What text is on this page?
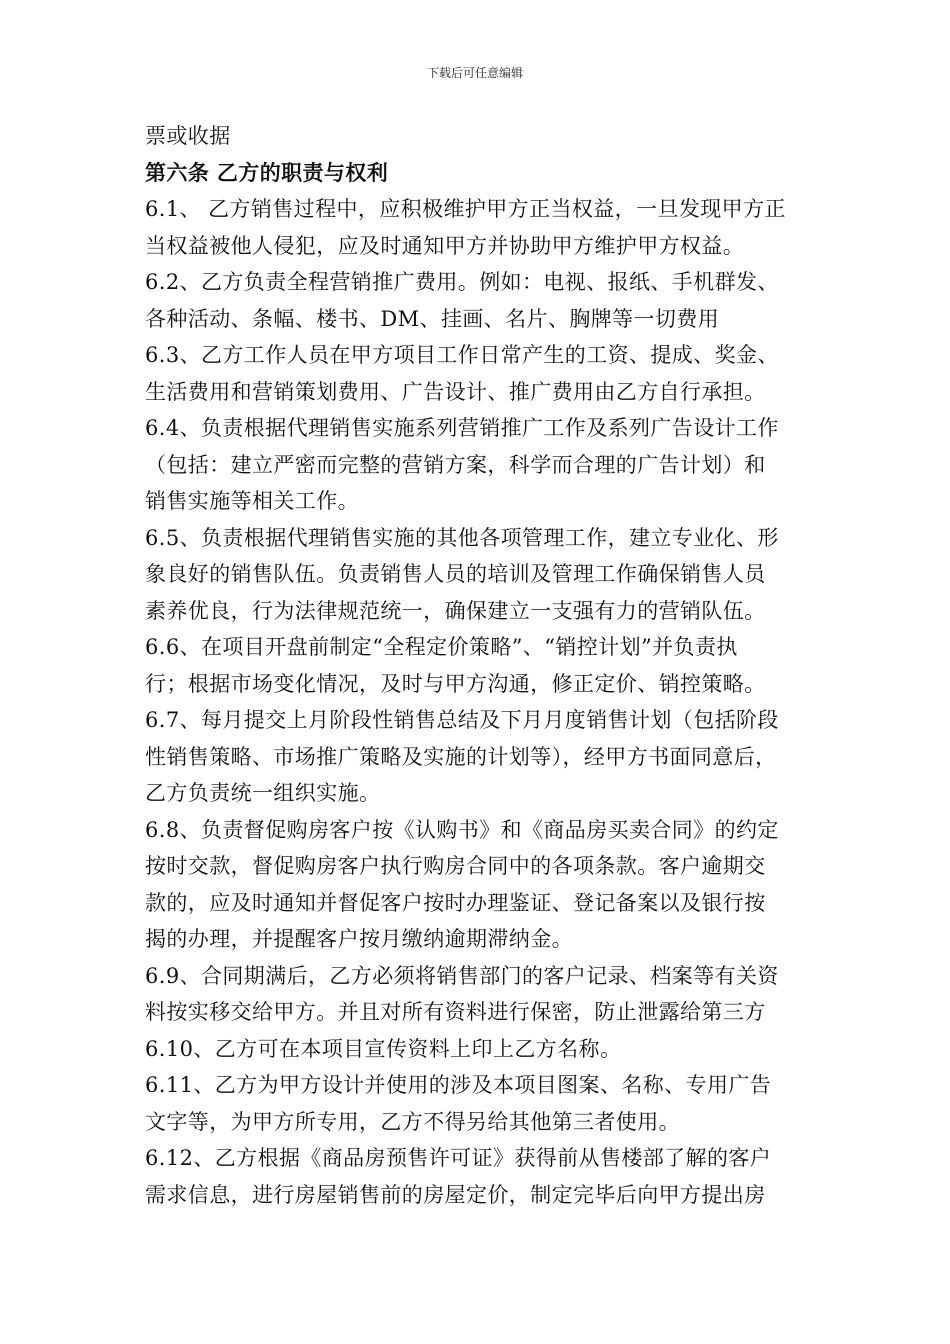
下载后可任意编辑
票或收据
第六条 乙方的职责与权利
6.1、 乙方销售过程中，应积极维护甲方正当权益，一旦发现甲方正
当权益被他人侵犯，应及时通知甲方并协助甲方维护甲方权益。
6.2、乙方负责全程营销推广费用。例如：电视、报纸、手机群发、
各种活动、条幅、楼书、DM、挂画、名片、胸牌等一切费用
6.3、乙方工作人员在甲方项目工作日常产生的工资、提成、奖金、
生活费用和营销策划费用、广告设计、推广费用由乙方自行承担。
6.4、负责根据代理销售实施系列营销推广工作及系列广告设计工作
（包括：建立严密而完整的营销方案，科学而合理的广告计划）和
销售实施等相关工作。
6.5、负责根据代理销售实施的其他各项管理工作，建立专业化、形
象良好的销售队伍。负责销售人员的培训及管理工作确保销售人员
素养优良，行为法律规范统一，确保建立一支强有力的营销队伍。
6.6、在项目开盘前制定“全程定价策略”、“销控计划”并负责执
行；根据市场变化情况，及时与甲方沟通，修正定价、销控策略。
6.7、每月提交上月阶段性销售总结及下月月度销售计划（包括阶段
性销售策略、市场推广策略及实施的计划等），经甲方书面同意后，
乙方负责统一组织实施。
6.8、负责督促购房客户按《认购书》和《商品房买卖合同》的约定
按时交款，督促购房客户执行购房合同中的各项条款。客户逾期交
款的，应及时通知并督促客户按时办理鉴证、登记备案以及银行按
揭的办理，并提醒客户按月缴纳逾期滞纳金。
6.9、合同期满后，乙方必须将销售部门的客户记录、档案等有关资
料按实移交给甲方。并且对所有资料进行保密，防止泄露给第三方
6.10、乙方可在本项目宣传资料上印上乙方名称。
6.11、乙方为甲方设计并使用的涉及本项目图案、名称、专用广告
文字等，为甲方所专用，乙方不得另给其他第三者使用。
6.12、乙方根据《商品房预售许可证》获得前从售楼部了解的客户
需求信息，进行房屋销售前的房屋定价，制定完毕后向甲方提出房
